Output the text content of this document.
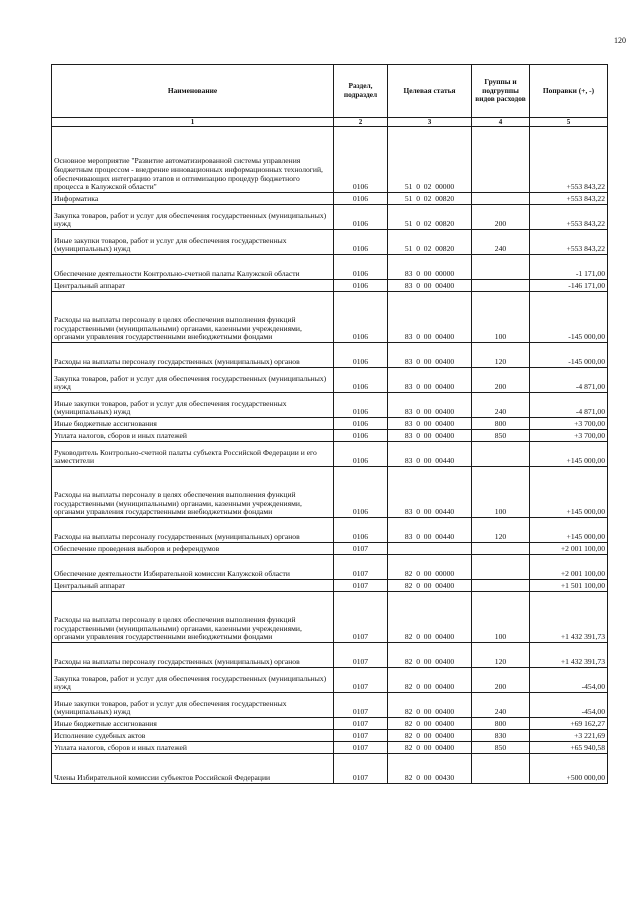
120
Наименование	Раздел, подраздел	Целевая статья	Группы и подгруппы видов расходов	Поправки (+, -)
1	2	3	4	5
Основное мероприятие "Развитие автоматизированной системы управления бюджетным процессом - внедрение инновационных информационных технологий, обеспечивающих интеграцию этапов и оптимизацию процедур бюджетного процесса в Калужской области"	0106	51  0  02  00000		+553 843,22
Информатика	0106	51  0  02  00820		+553 843,22
Закупка товаров, работ и услуг для обеспечения государственных (муниципальных) нужд	0106	51  0  02  00820	200	+553 843,22
Иные закупки товаров, работ и услуг для обеспечения государственных (муниципальных) нужд	0106	51  0  02  00820	240	+553 843,22
Обеспечение деятельности Контрольно-счетной палаты Калужской области	0106	83  0  00  00000		-1 171,00
Центральный аппарат	0106	83  0  00  00400		-146 171,00
Расходы на выплаты персоналу в целях обеспечения выполнения функций государственными (муниципальными) органами, казенными учреждениями, органами управления государственными внебюджетными фондами	0106	83  0  00  00400	100	-145 000,00
Расходы на выплаты персоналу государственных (муниципальных) органов	0106	83  0  00  00400	120	-145 000,00
Закупка товаров, работ и услуг для обеспечения государственных (муниципальных) нужд	0106	83  0  00  00400	200	-4 871,00
Иные закупки товаров, работ и услуг для обеспечения государственных (муниципальных) нужд	0106	83  0  00  00400	240	-4 871,00
Иные бюджетные ассигнования	0106	83  0  00  00400	800	+3 700,00
Уплата налогов, сборов и иных платежей	0106	83  0  00  00400	850	+3 700,00
Руководитель Контрольно-счетной палаты субъекта Российской Федерации и его заместители	0106	83  0  00  00440		+145 000,00
Расходы на выплаты персоналу в целях обеспечения выполнения функций государственными (муниципальными) органами, казенными учреждениями, органами управления государственными внебюджетными фондами	0106	83  0  00  00440	100	+145 000,00
Расходы на выплаты персоналу государственных (муниципальных) органов	0106	83  0  00  00440	120	+145 000,00
Обеспечение проведения выборов и референдумов	0107			+2 001 100,00
Обеспечение деятельности Избирательной комиссии Калужской области	0107	82  0  00  00000		+2 001 100,00
Центральный аппарат	0107	82  0  00  00400		+1 501 100,00
Расходы на выплаты персоналу в целях обеспечения выполнения функций государственными (муниципальными) органами, казенными учреждениями, органами управления государственными внебюджетными фондами	0107	82  0  00  00400	100	+1 432 391,73
Расходы на выплаты персоналу государственных (муниципальных) органов	0107	82  0  00  00400	120	+1 432 391,73
Закупка товаров, работ и услуг для обеспечения государственных (муниципальных) нужд	0107	82  0  00  00400	200	-454,00
Иные закупки товаров, работ и услуг для обеспечения государственных (муниципальных) нужд	0107	82  0  00  00400	240	-454,00
Иные бюджетные ассигнования	0107	82  0  00  00400	800	+69 162,27
Исполнение судебных актов	0107	82  0  00  00400	830	+3 221,69
Уплата налогов, сборов и иных платежей	0107	82  0  00  00400	850	+65 940,58
Члены Избирательной комиссии субъектов Российской Федерации	0107	82  0  00  00430		+500 000,00
